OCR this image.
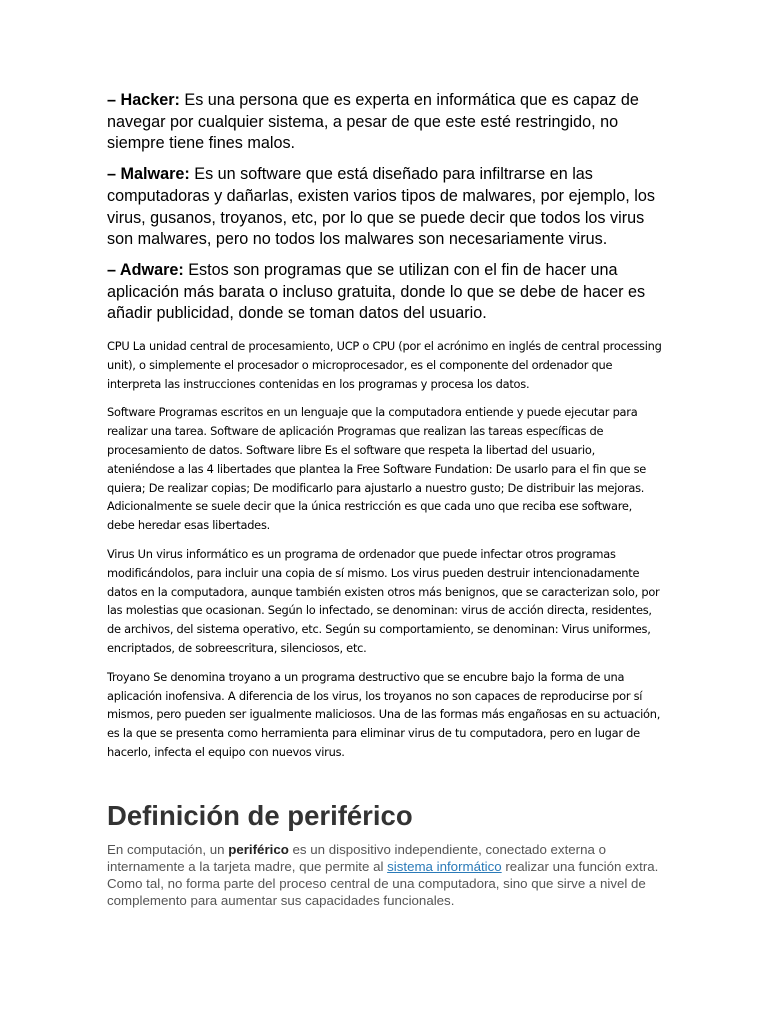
– Hacker: Es una persona que es experta en informática que es capaz de navegar por cualquier sistema, a pesar de que este esté restringido, no siempre tiene fines malos.

– Malware: Es un software que está diseñado para infiltrarse en las computadoras y dañarlas, existen varios tipos de malwares, por ejemplo, los virus, gusanos, troyanos, etc, por lo que se puede decir que todos los virus son malwares, pero no todos los malwares son necesariamente virus.

– Adware: Estos son programas que se utilizan con el fin de hacer una aplicación más barata o incluso gratuita, donde lo que se debe de hacer es añadir publicidad, donde se toman datos del usuario.

CPU La unidad central de procesamiento, UCP o CPU (por el acrónimo en inglés de central processing unit), o simplemente el procesador o microprocesador, es el componente del ordenador que interpreta las instrucciones contenidas en los programas y procesa los datos.

Software Programas escritos en un lenguaje que la computadora entiende y puede ejecutar para realizar una tarea. Software de aplicación Programas que realizan las tareas específicas de procesamiento de datos. Software libre Es el software que respeta la libertad del usuario, ateniéndose a las 4 libertades que plantea la Free Software Fundation: De usarlo para el fin que se quiera; De realizar copias; De modificarlo para ajustarlo a nuestro gusto; De distribuir las mejoras. Adicionalmente se suele decir que la única restricción es que cada uno que reciba ese software, debe heredar esas libertades.

Virus Un virus informático es un programa de ordenador que puede infectar otros programas modificándolos, para incluir una copia de sí mismo. Los virus pueden destruir intencionadamente datos en la computadora, aunque también existen otros más benignos, que se caracterizan solo, por las molestias que ocasionan. Según lo infectado, se denominan: virus de acción directa, residentes, de archivos, del sistema operativo, etc. Según su comportamiento, se denominan: Virus uniformes, encriptados, de sobreescritura, silenciosos, etc.

Troyano Se denomina troyano a un programa destructivo que se encubre bajo la forma de una aplicación inofensiva. A diferencia de los virus, los troyanos no son capaces de reproducirse por sí mismos, pero pueden ser igualmente maliciosos. Una de las formas más engañosas en su actuación, es la que se presenta como herramienta para eliminar virus de tu computadora, pero en lugar de hacerlo, infecta el equipo con nuevos virus.

Definición de periférico

En computación, un periférico es un dispositivo independiente, conectado externa o internamente a la tarjeta madre, que permite al sistema informático realizar una función extra. Como tal, no forma parte del proceso central de una computadora, sino que sirve a nivel de complemento para aumentar sus capacidades funcionales.
